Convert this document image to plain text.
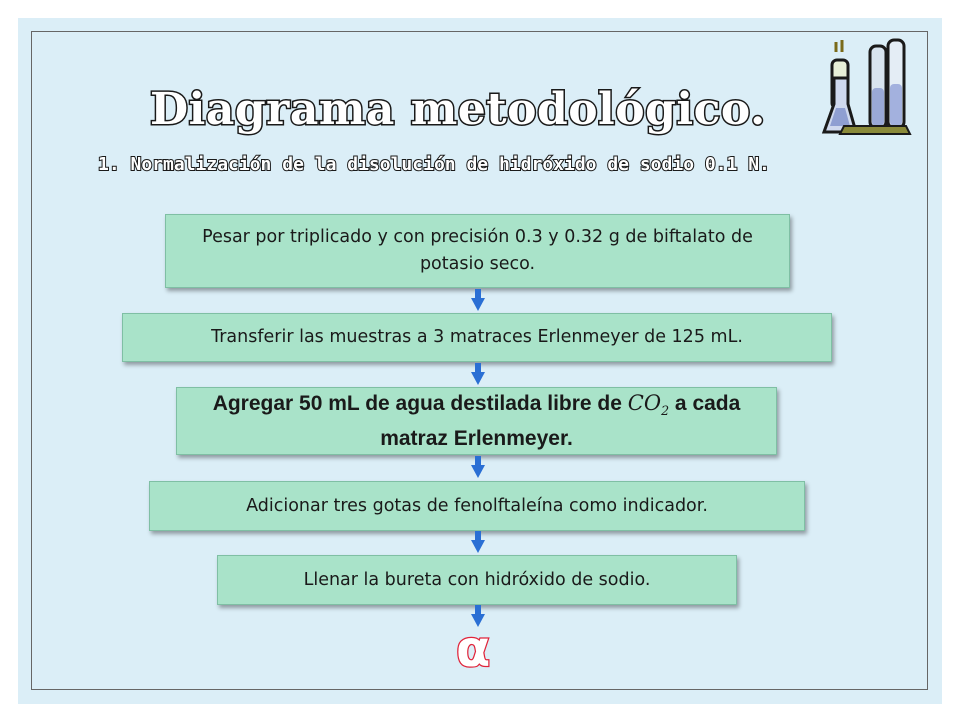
Diagrama metodológico.
1. Normalización de la disolución de hidróxido de sodio 0.1 N.
Pesar por triplicado y con precisión 0.3 y 0.32 g de biftalato de potasio seco.
Transferir las muestras a 3 matraces Erlenmeyer de 125 mL.
Agregar 50 mL de agua destilada libre de $CO_2$ a cada matraz Erlenmeyer.
Adicionar tres gotas de fenolftaleína como indicador.
Llenar la bureta con hidróxido de sodio.
α
